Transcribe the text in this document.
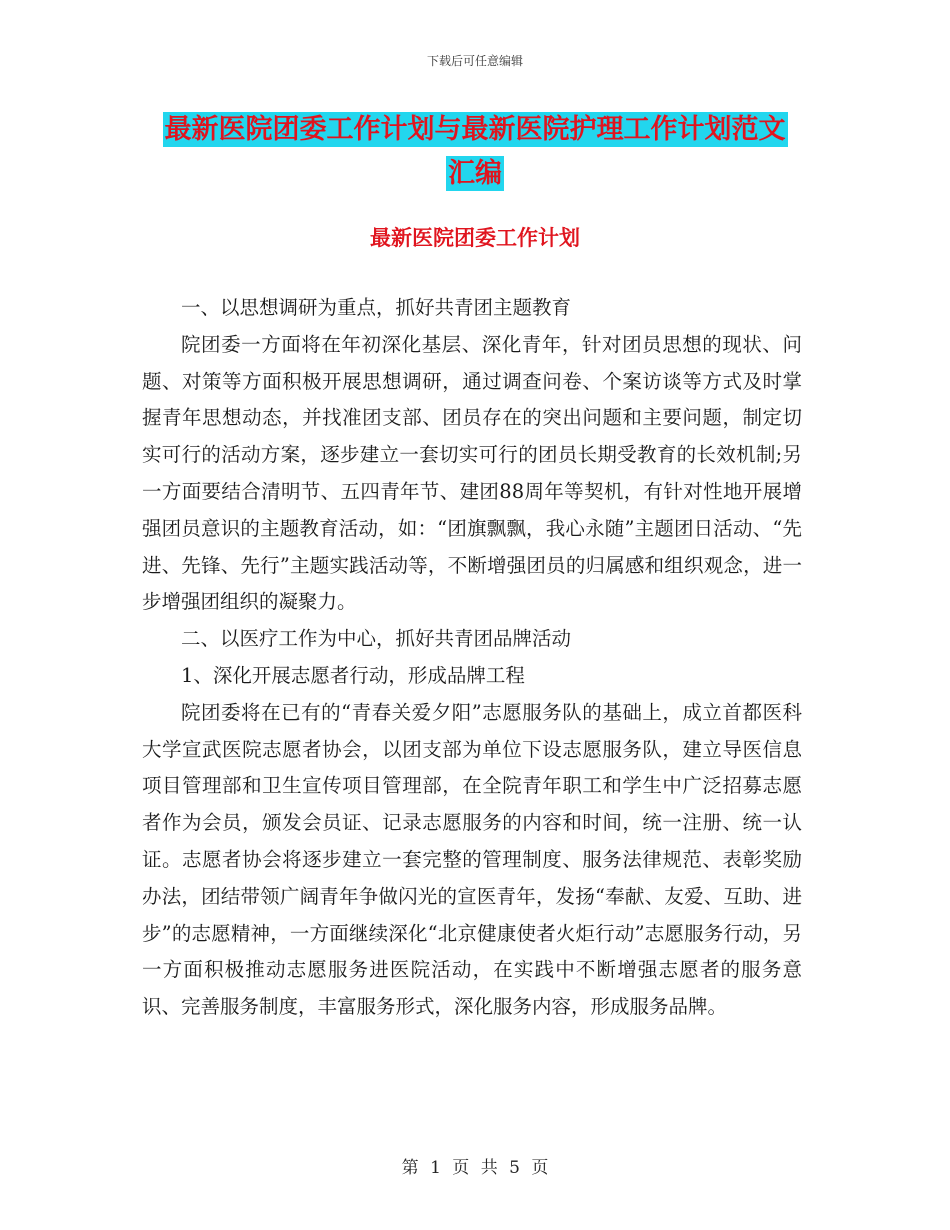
下载后可任意编辑
最新医院团委工作计划与最新医院护理工作计划范文
汇编
最新医院团委工作计划

一、以思想调研为重点，抓好共青团主题教育

院团委一方面将在年初深化基层、深化青年，针对团员思想的现状、问题、对策等方面积极开展思想调研，通过调查问卷、个案访谈等方式及时掌握青年思想动态，并找准团支部、团员存在的突出问题和主要问题，制定切实可行的活动方案，逐步建立一套切实可行的团员长期受教育的长效机制;另一方面要结合清明节、五四青年节、建团88周年等契机，有针对性地开展增强团员意识的主题教育活动，如：“团旗飘飘，我心永随”主题团日活动、“先进、先锋、先行”主题实践活动等，不断增强团员的归属感和组织观念，进一步增强团组织的凝聚力。

二、以医疗工作为中心，抓好共青团品牌活动

1、深化开展志愿者行动，形成品牌工程

院团委将在已有的“青春关爱夕阳”志愿服务队的基础上，成立首都医科大学宣武医院志愿者协会，以团支部为单位下设志愿服务队，建立导医信息项目管理部和卫生宣传项目管理部，在全院青年职工和学生中广泛招募志愿者作为会员，颁发会员证、记录志愿服务的内容和时间，统一注册、统一认证。志愿者协会将逐步建立一套完整的管理制度、服务法律规范、表彰奖励办法，团结带领广阔青年争做闪光的宣医青年，发扬“奉献、友爱、互助、进步”的志愿精神，一方面继续深化“北京健康使者火炬行动”志愿服务行动，另一方面积极推动志愿服务进医院活动，在实践中不断增强志愿者的服务意识、完善服务制度，丰富服务形式，深化服务内容，形成服务品牌。

第 1 页 共 5 页
